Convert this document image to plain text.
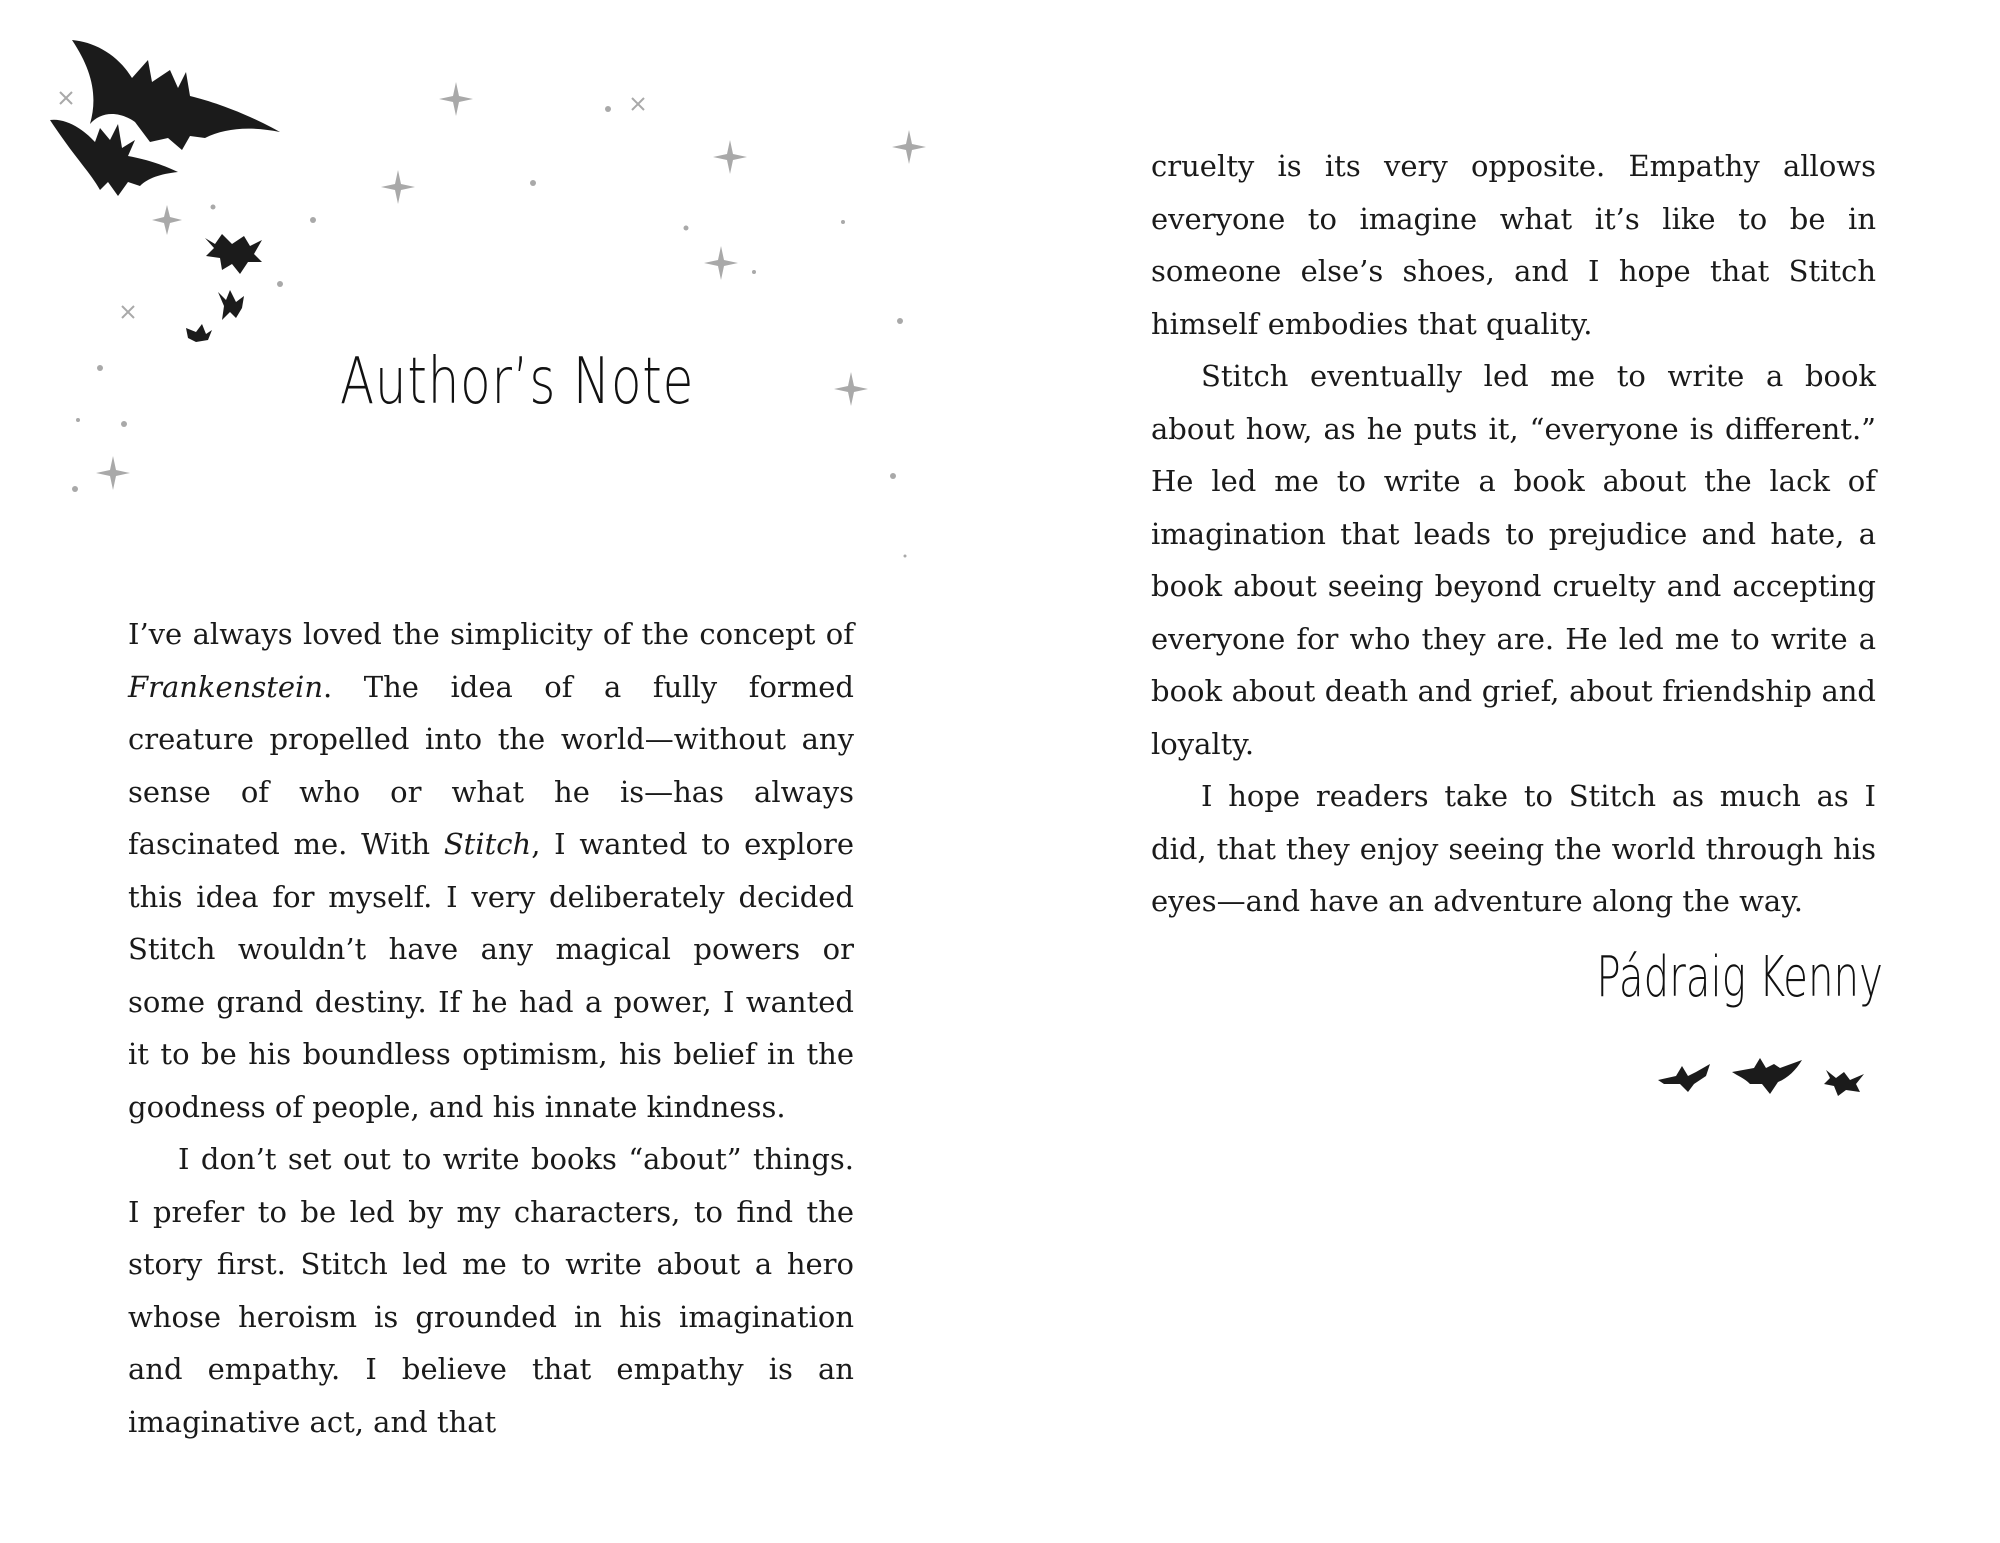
Author’s Note

I’ve always loved the simplicity of the concept of Frankenstein. The idea of a fully formed creature propelled into the world—without any sense of who or what he is—has always fascinated me. With Stitch, I wanted to explore this idea for myself. I very deliberately decided Stitch wouldn’t have any magical powers or some grand destiny. If he had a power, I wanted it to be his boundless optimism, his belief in the goodness of people, and his innate kindness.

I don’t set out to write books “about” things. I prefer to be led by my characters, to find the story first. Stitch led me to write about a hero whose heroism is grounded in his imagination and empathy. I believe that empathy is an imaginative act, and that

cruelty is its very opposite. Empathy allows everyone to imagine what it’s like to be in someone else’s shoes, and I hope that Stitch himself embodies that quality.

Stitch eventually led me to write a book about how, as he puts it, “everyone is different.” He led me to write a book about the lack of imagination that leads to prejudice and hate, a book about seeing beyond cruelty and accepting everyone for who they are. He led me to write a book about death and grief, about friendship and loyalty.

I hope readers take to Stitch as much as I did, that they enjoy seeing the world through his eyes—and have an adventure along the way.

Pádraig Kenny
